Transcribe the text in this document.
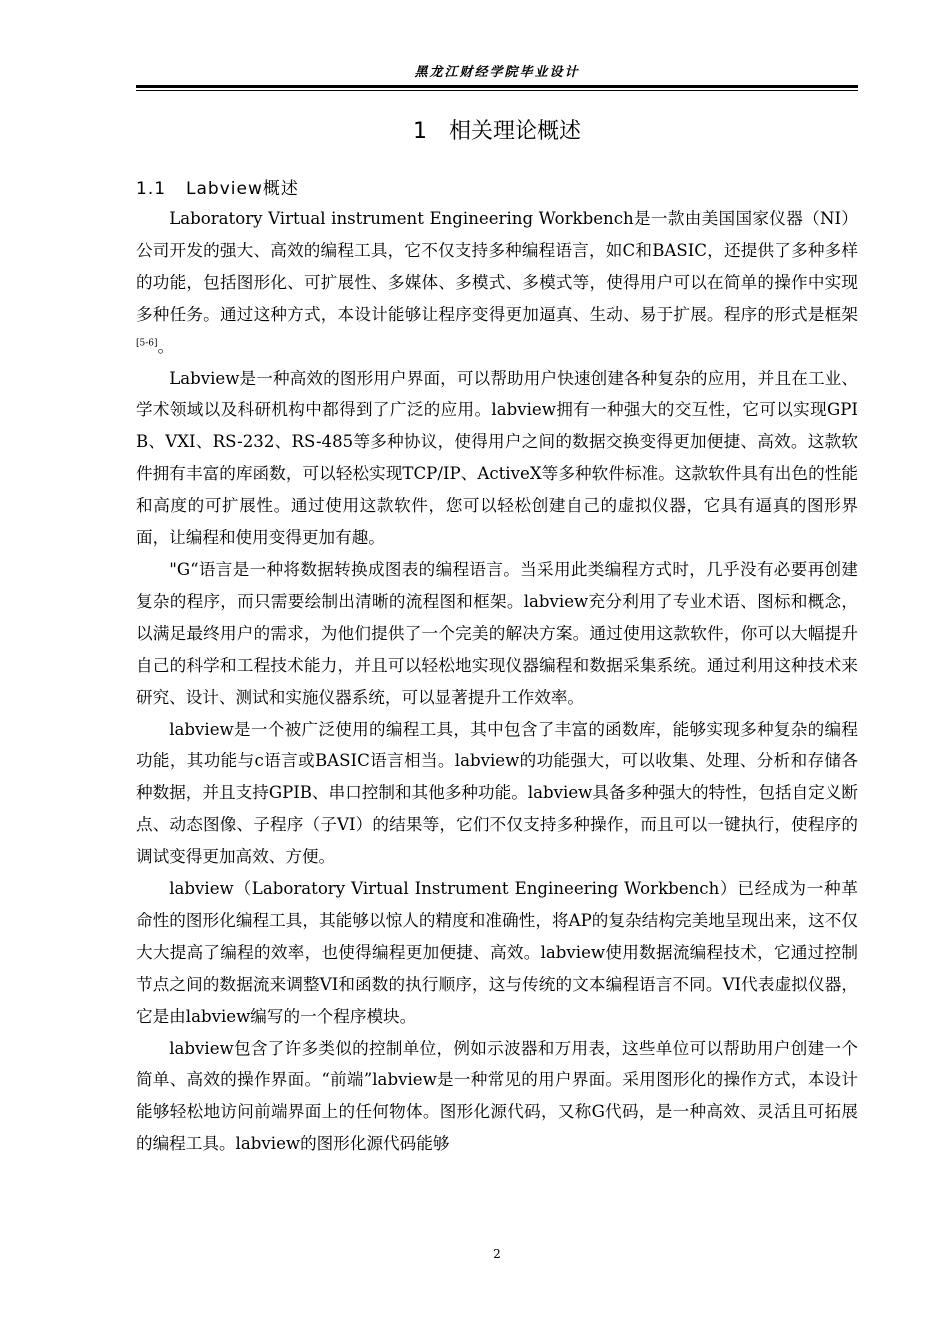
黑龙江财经学院毕业设计
1 相关理论概述
1.1 Labview概述

Laboratory Virtual instrument Engineering Workbench是一款由美国国家仪器（NI）公司开发的强大、高效的编程工具，它不仅支持多种编程语言，如C和BASIC，还提供了多种多样的功能，包括图形化、可扩展性、多媒体、多模式、多模式等，使得用户可以在简单的操作中实现多种任务。通过这种方式，本设计能够让程序变得更加逼真、生动、易于扩展。程序的形式是框架[5-6]。

Labview是一种高效的图形用户界面，可以帮助用户快速创建各种复杂的应用，并且在工业、学术领域以及科研机构中都得到了广泛的应用。labview拥有一种强大的交互性，它可以实现GPIB、VXI、RS-232、RS-485等多种协议，使得用户之间的数据交换变得更加便捷、高效。这款软件拥有丰富的库函数，可以轻松实现TCP/IP、ActiveX等多种软件标准。这款软件具有出色的性能和高度的可扩展性。通过使用这款软件，您可以轻松创建自己的虚拟仪器，它具有逼真的图形界面，让编程和使用变得更加有趣。

"G“语言是一种将数据转换成图表的编程语言。当采用此类编程方式时，几乎没有必要再创建复杂的程序，而只需要绘制出清晰的流程图和框架。labview充分利用了专业术语、图标和概念，以满足最终用户的需求，为他们提供了一个完美的解决方案。通过使用这款软件，你可以大幅提升自己的科学和工程技术能力，并且可以轻松地实现仪器编程和数据采集系统。通过利用这种技术来研究、设计、测试和实施仪器系统，可以显著提升工作效率。

labview是一个被广泛使用的编程工具，其中包含了丰富的函数库，能够实现多种复杂的编程功能，其功能与c语言或BASIC语言相当。labview的功能强大，可以收集、处理、分析和存储各种数据，并且支持GPIB、串口控制和其他多种功能。labview具备多种强大的特性，包括自定义断点、动态图像、子程序（子VI）的结果等，它们不仅支持多种操作，而且可以一键执行，使程序的调试变得更加高效、方便。

labview（Laboratory Virtual Instrument Engineering Workbench）已经成为一种革命性的图形化编程工具，其能够以惊人的精度和准确性，将AP的复杂结构完美地呈现出来，这不仅大大提高了编程的效率，也使得编程更加便捷、高效。labview使用数据流编程技术，它通过控制节点之间的数据流来调整VI和函数的执行顺序，这与传统的文本编程语言不同。VI代表虚拟仪器，它是由labview编写的一个程序模块。

labview包含了许多类似的控制单位，例如示波器和万用表，这些单位可以帮助用户创建一个简单、高效的操作界面。“前端”labview是一种常见的用户界面。采用图形化的操作方式，本设计能够轻松地访问前端界面上的任何物体。图形化源代码，又称G代码，是一种高效、灵活且可拓展的编程工具。labview的图形化源代码能够

2
